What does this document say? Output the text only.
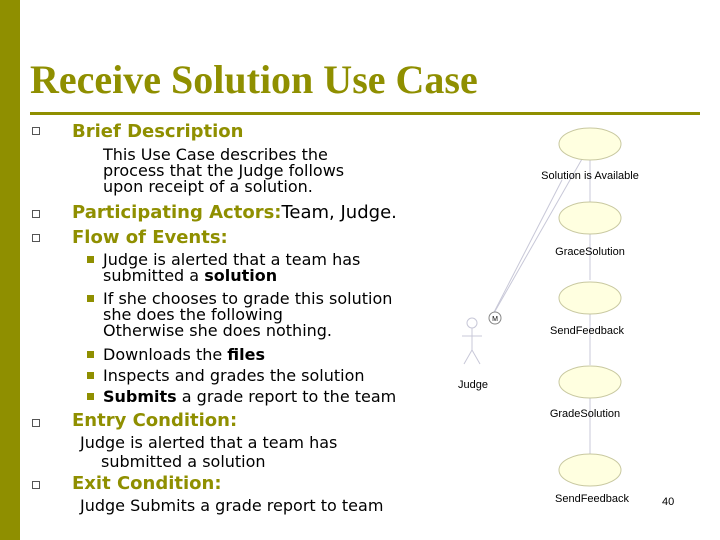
Receive Solution Use Case
Brief Description
This Use Case describes the
process that the Judge follows
upon receipt of a solution.
Participating Actors:Team, Judge.
Flow of Events:
Judge is alerted that a team has
submitted a solution
If she chooses to grade this solution
she does the following
Otherwise she does nothing.
Downloads the files
Inspects and grades the solution
Submits a grade report to the team
Entry Condition:
Judge is alerted that a team has
submitted a solution
Exit Condition:
Judge Submits a grade report to team
Solution is Available
GraceSolution
SendFeedback
GradeSolution
SendFeedback
M
Judge
40
